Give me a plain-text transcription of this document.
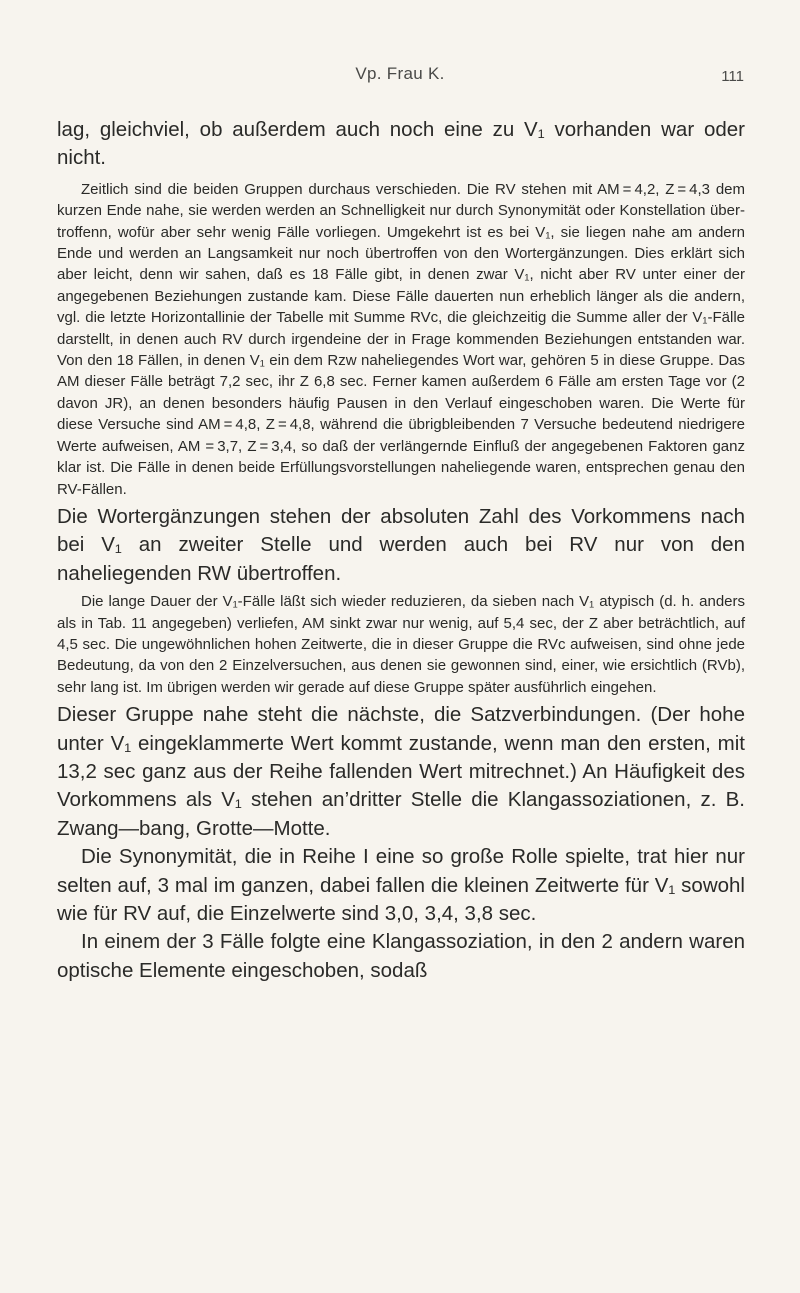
Vp. Frau K.	111

lag, gleichviel, ob außerdem auch noch eine zu V₁ vorhanden war oder nicht.

Zeitlich sind die beiden Gruppen durchaus verschieden. Die RV stehen mit AM = 4,2, Z = 4,3 dem kurzen Ende nahe, sie werden werden an Schnelligkeit nur durch Synonymität oder Konstellation übertroffenn, wofür aber sehr wenig Fälle vorliegen. Umgekehrt ist es bei V₁, sie liegen nahe am andern Ende und werden an Langsamkeit nur noch übertroffen von den Wortergänzungen. Dies erklärt sich aber leicht, denn wir sahen, daß es 18 Fälle gibt, in denen zwar V₁, nicht aber RV unter einer der angegebenen Beziehungen zustande kam. Diese Fälle dauerten nun erheblich länger als die andern, vgl. die letzte Horizontallinie der Tabelle mit Summe RVc, die gleichzeitig die Summe aller der V₁-Fälle darstellt, in denen auch RV durch irgendeine der in Frage kommenden Beziehungen entstanden war. Von den 18 Fällen, in denen V₁ ein dem Rzw naheliegendes Wort war, gehören 5 in diese Gruppe. Das AM dieser Fälle beträgt 7,2 sec, ihr Z 6,8 sec. Ferner kamen außerdem 6 Fälle am ersten Tage vor (2 davon JR), an denen besonders häufig Pausen in den Verlauf eingeschoben waren. Die Werte für diese Versuche sind AM = 4,8, Z = 4,8, während die übrigbleibenden 7 Versuche bedeutend niedrigere Werte aufweisen, AM = 3,7, Z = 3,4, so daß der verlängernde Einfluß der angegebenen Faktoren ganz klar ist. Die Fälle in denen beide Erfüllungsvorstellungen naheliegende waren, entsprechen genau den RV-Fällen.

Die Wortergänzungen stehen der absoluten Zahl des Vorkommens nach bei V₁ an zweiter Stelle und werden auch bei RV nur von den naheliegenden RW übertroffen.

Die lange Dauer der V₁-Fälle läßt sich wieder reduzieren, da sieben nach V₁ atypisch (d. h. anders als in Tab. 11 angegeben) verliefen, AM sinkt zwar nur wenig, auf 5,4 sec, der Z aber beträchtlich, auf 4,5 sec. Die ungewöhnlichen hohen Zeitwerte, die in dieser Gruppe die RVc aufweisen, sind ohne jede Bedeutung, da von den 2 Einzelversuchen, aus denen sie gewonnen sind, einer, wie ersichtlich (RVb), sehr lang ist. Im übrigen werden wir gerade auf diese Gruppe später ausführlich eingehen.

Dieser Gruppe nahe steht die nächste, die Satzverbindungen. (Der hohe unter V₁ eingeklammerte Wert kommt zustande, wenn man den ersten, mit 13,2 sec ganz aus der Reihe fallenden Wert mitrechnet.) An Häufigkeit des Vorkommens als V₁ stehen an’dritter Stelle die Klangassoziationen, z. B. Zwang—bang, Grotte—Motte.

Die Synonymität, die in Reihe I eine so große Rolle spielte, trat hier nur selten auf, 3 mal im ganzen, dabei fallen die kleinen Zeitwerte für V₁ sowohl wie für RV auf, die Einzelwerte sind 3,0, 3,4, 3,8 sec.

In einem der 3 Fälle folgte eine Klangassoziation, in den 2 andern waren optische Elemente eingeschoben, sodaß
